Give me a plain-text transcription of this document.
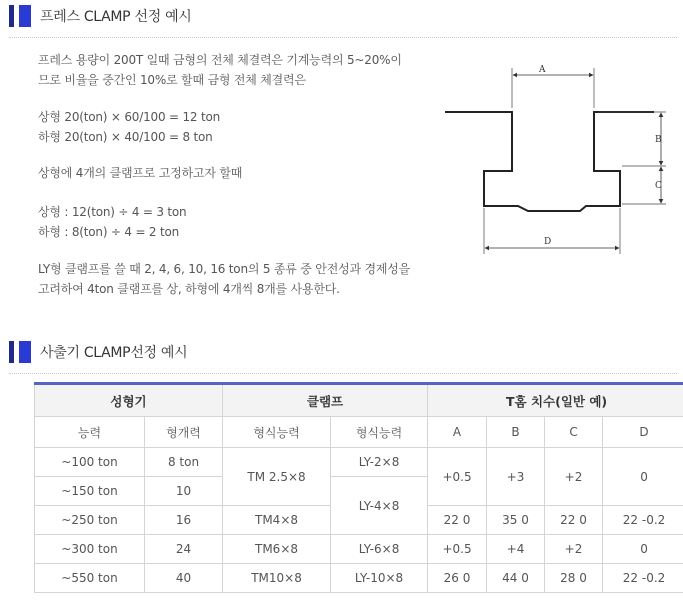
프레스 CLAMP 선정 예시

프레스 용량이 200T 일때 금형의 전체 체결력은 기계능력의 5~20%이
므로 비율을 중간인 10%로 할때 금형 전체 체결력은

상형 20(ton) × 60/100 = 12 ton
하형 20(ton) × 40/100 = 8 ton

상형에 4개의 클램프로 고정하고자 할때

상형 : 12(ton) ÷ 4 = 3 ton
하형 : 8(ton) ÷ 4 = 2 ton

LY형 클램프를 쓸 때 2, 4, 6, 10, 16 ton의 5 종류 중 안전성과 경제성을
고려하여 4ton 클램프를 상, 하형에 4개씩 8개를 사용한다.

A
B
C
D
사출기 CLAMP선정 예시
성형기		클램프		T홈 치수(일반 예)			
능력	형개력	형식능력	형식능력	A	B	C	D
~100 ton	8 ton	TM 2.5×8	LY-2×8	+0.5	+3	+2	0
~150 ton	10		LY-4×8				
~250 ton	16	TM4×8		22 0	35 0	22 0	22 -0.2
~300 ton	24	TM6×8	LY-6×8	+0.5	+4	+2	0
~550 ton	40	TM10×8	LY-10×8	26 0	44 0	28 0	22 -0.2
